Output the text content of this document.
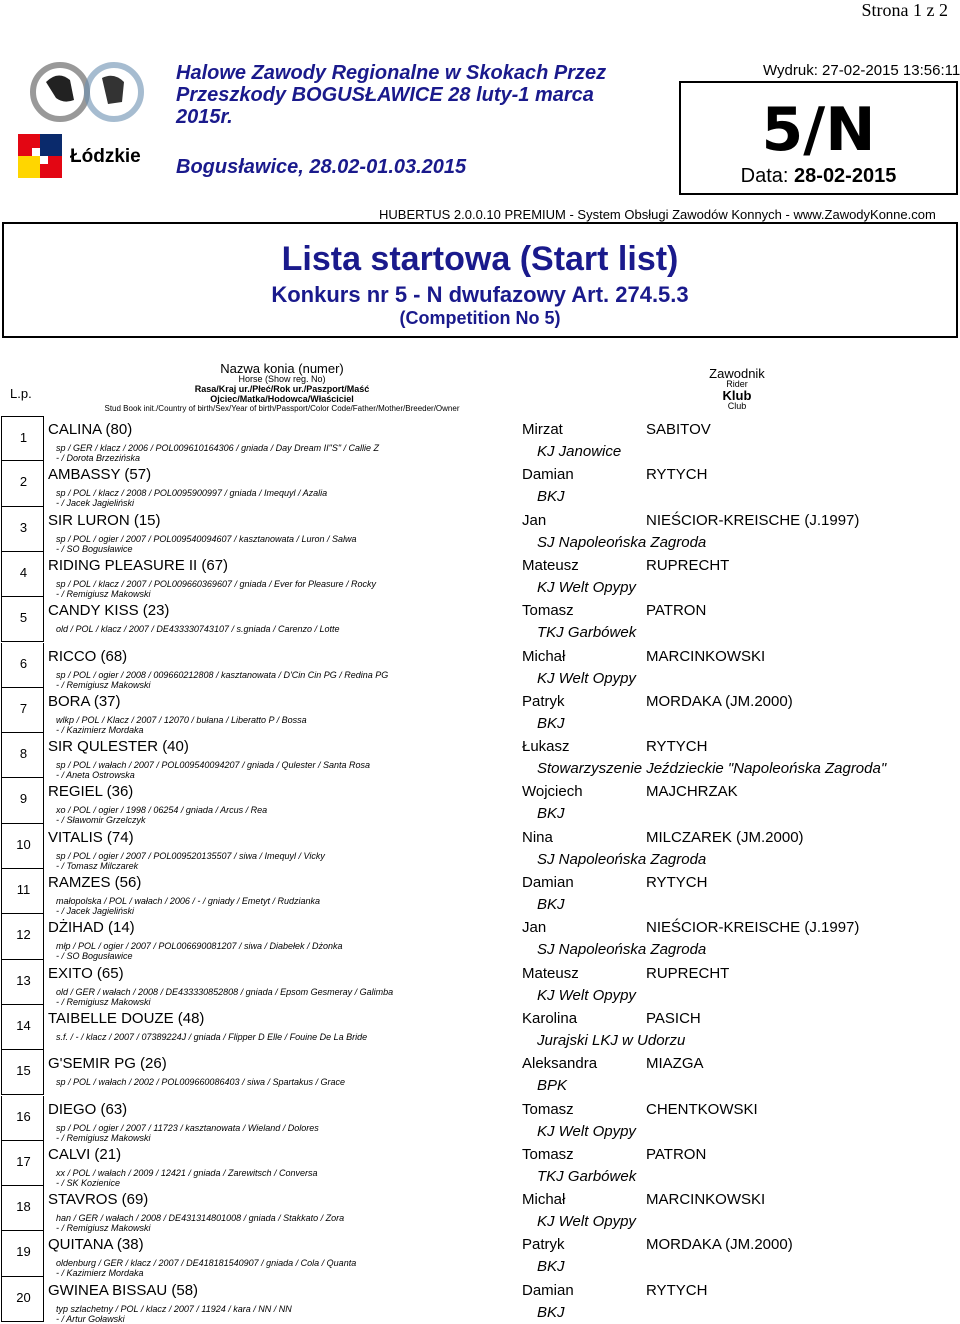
Strona 1 z 2
Łódzkie
Halowe Zawody Regionalne w Skokach Przez Przeszkody BOGUSŁAWICE 28 luty-1 marca 2015r.
Bogusławice, 28.02-01.03.2015
Wydruk: 27-02-2015 13:56:11
5/N
Data: 28-02-2015
HUBERTUS 2.0.0.10 PREMIUM - System Obsługi Zawodów Konnych - www.ZawodyKonne.com
Lista startowa (Start list)
Konkurs nr 5 - N dwufazowy Art. 274.5.3
(Competition No 5)
L.p.
Nazwa konia (numer)
Horse (Show reg. No)
Rasa/Kraj ur./Płeć/Rok ur./Paszport/Maść
Ojciec/Matka/Hodowca/Właściciel
Stud Book init./Country of birth/Sex/Year of birth/Passport/Color Code/Father/Mother/Breeder/Owner
Zawodnik
Rider
Klub
Club
1	CALINA (80)
sp / GER / klacz / 2006 / POL009610164306 / gniada / Day Dream II"S" / Callie Z
- / Dorota Brzezińska
Mirzat	SABITOV
KJ Janowice
2	AMBASSY (57)
sp / POL / klacz / 2008 / POL0095900997 / gniada / Imequyl / Azalia
- / Jacek Jagieliński
Damian	RYTYCH
BKJ
3	SIR LURON (15)
sp / POL / ogier / 2007 / POL009540094607 / kasztanowata / Luron / Salwa
- / SO Bogusławice
Jan	NIEŚCIOR-KREISCHE (J.1997)
SJ Napoleońska Zagroda
4	RIDING PLEASURE II (67)
sp / POL / klacz / 2007 / POL009660369607 / gniada / Ever for Pleasure / Rocky
- / Remigiusz Makowski
Mateusz	RUPRECHT
KJ Welt Opypy
5	CANDY KISS (23)
old / POL / klacz / 2007 / DE433330743107 / s.gniada / Carenzo / Lotte
Tomasz	PATRON
TKJ Garbówek
6	RICCO (68)
sp / POL / ogier / 2008 / 009660212808 / kasztanowata / D'Cin Cin PG / Redina PG
- / Remigiusz Makowski
Michał	MARCINKOWSKI
KJ Welt Opypy
7	BORA (37)
wlkp / POL / Klacz / 2007 / 12070 / bułana / Liberatto P / Bossa
- / Kazimierz Mordaka
Patryk	MORDAKA (JM.2000)
BKJ
8	SIR QULESTER (40)
sp / POL / wałach / 2007 / POL009540094207 / gniada / Qulester / Santa Rosa
- / Aneta Ostrowska
Łukasz	RYTYCH
Stowarzyszenie Jeździeckie "Napoleońska Zagroda"
9	REGIEL (36)
xo / POL / ogier / 1998 / 06254 / gniada / Arcus / Rea
- / Sławomir Grzelczyk
Wojciech	MAJCHRZAK
BKJ
10	VITALIS (74)
sp / POL / ogier / 2007 / POL009520135507 / siwa / Imequyl / Vicky
- / Tomasz Milczarek
Nina	MILCZAREK (JM.2000)
SJ Napoleońska Zagroda
11	RAMZES (56)
małopolska / POL / wałach / 2006 / - / gniady / Emetyt / Rudzianka
- / Jacek Jagieliński
Damian	RYTYCH
BKJ
12	DŻIHAD (14)
młp / POL / ogier / 2007 / POL006690081207 / siwa / Diabełek / Dżonka
- / SO Bogusławice
Jan	NIEŚCIOR-KREISCHE (J.1997)
SJ Napoleońska Zagroda
13	EXITO (65)
old / GER / wałach / 2008 / DE433330852808 / gniada / Epsom Gesmeray / Galimba
- / Remigiusz Makowski
Mateusz	RUPRECHT
KJ Welt Opypy
14	TAIBELLE DOUZE (48)
s.f. / - / klacz / 2007 / 07389224J / gniada / Flipper D Elle / Fouine De La Bride
Karolina	PASICH
Jurajski LKJ w Udorzu
15	G'SEMIR PG (26)
sp / POL / wałach / 2002 / POL009660086403 / siwa / Spartakus / Grace
Aleksandra	MIAZGA
BPK
16	DIEGO (63)
sp / POL / ogier / 2007 / 11723 / kasztanowata / Wieland / Dolores
- / Remigiusz Makowski
Tomasz	CHENTKOWSKI
KJ Welt Opypy
17	CALVI (21)
xx / POL / wałach / 2009 / 12421 / gniada / Zarewitsch / Conversa
- / SK Kozienice
Tomasz	PATRON
TKJ Garbówek
18	STAVROS (69)
han / GER / wałach / 2008 / DE431314801008 / gniada / Stakkato / Zora
- / Remigiusz Makowski
Michał	MARCINKOWSKI
KJ Welt Opypy
19	QUITANA (38)
oldenburg / GER / klacz / 2007 / DE418181540907 / gniada / Cola / Quanta
- / Kazimierz Mordaka
Patryk	MORDAKA (JM.2000)
BKJ
20	GWINEA BISSAU (58)
typ szlachetny / POL / klacz / 2007 / 11924 / kara / NN / NN
- / Artur Goławski
Damian	RYTYCH
BKJ
